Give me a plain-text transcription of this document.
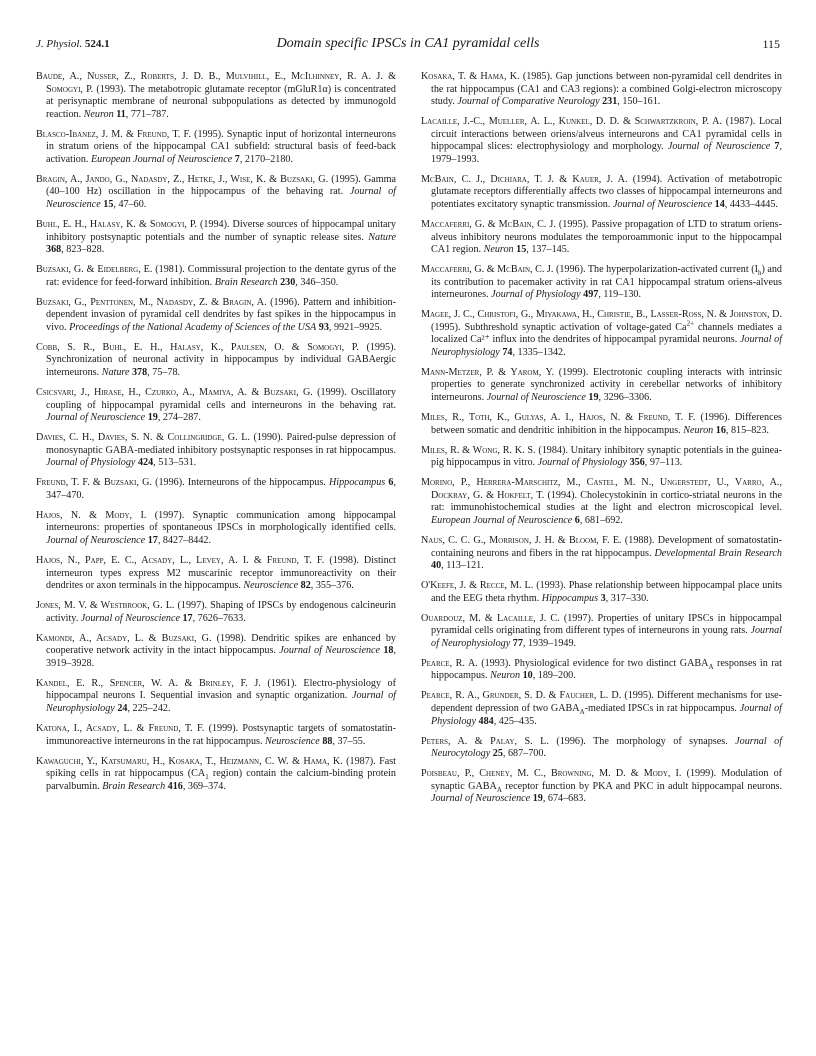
J. Physiol. 524.1	Domain specific IPSCs in CA1 pyramidal cells	115

Baude, A., Nusser, Z., Roberts, J. D. B., Mulvihill, E., McIlhinney, R. A. J. & Somogyi, P. (1993). The metabotropic glutamate receptor (mGluR1α) is concentrated at perisynaptic membrane of neuronal subpopulations as detected by immunogold reaction. Neuron 11, 771–787.

Blasco-Ibanez, J. M. & Freund, T. F. (1995). Synaptic input of horizontal interneurons in stratum oriens of the hippocampal CA1 subfield: structural basis of feed-back activation. European Journal of Neuroscience 7, 2170–2180.

Bragin, A., Jando, G., Nadasdy, Z., Hetke, J., Wise, K. & Buzsaki, G. (1995). Gamma (40–100 Hz) oscillation in the hippocampus of the behaving rat. Journal of Neuroscience 15, 47–60.

Buhl, E. H., Halasy, K. & Somogyi, P. (1994). Diverse sources of hippocampal unitary inhibitory postsynaptic potentials and the number of synaptic release sites. Nature 368, 823–828.

Buzsaki, G. & Eidelberg, E. (1981). Commissural projection to the dentate gyrus of the rat: evidence for feed-forward inhibition. Brain Research 230, 346–350.

Buzsaki, G., Penttonen, M., Nadasdy, Z. & Bragin, A. (1996). Pattern and inhibition-dependent invasion of pyramidal cell dendrites by fast spikes in the hippocampus in vivo. Proceedings of the National Academy of Sciences of the USA 93, 9921–9925.

Cobb, S. R., Buhl, E. H., Halasy, K., Paulsen, O. & Somogyi, P. (1995). Synchronization of neuronal activity in hippocampus by individual GABAergic interneurons. Nature 378, 75–78.

Csicsvari, J., Hirase, H., Czurko, A., Mamiya, A. & Buzsaki, G. (1999). Oscillatory coupling of hippocampal pyramidal cells and interneurons in the behaving rat. Journal of Neuroscience 19, 274–287.

Davies, C. H., Davies, S. N. & Collingridge, G. L. (1990). Paired-pulse depression of monosynaptic GABA-mediated inhibitory postsynaptic responses in rat hippocampus. Journal of Physiology 424, 513–531.

Freund, T. F. & Buzsaki, G. (1996). Interneurons of the hippocampus. Hippocampus 6, 347–470.

Hajos, N. & Mody, I. (1997). Synaptic communication among hippocampal interneurons: properties of spontaneous IPSCs in morphologically identified cells. Journal of Neuroscience 17, 8427–8442.

Hajos, N., Papp, E. C., Acsady, L., Levey, A. I. & Freund, T. F. (1998). Distinct interneuron types express M2 muscarinic receptor immunoreactivity on their dendrites or axon terminals in the hippocampus. Neuroscience 82, 355–376.

Jones, M. V. & Westbrook, G. L. (1997). Shaping of IPSCs by endogenous calcineurin activity. Journal of Neuroscience 17, 7626–7633.

Kamondi, A., Acsady, L. & Buzsaki, G. (1998). Dendritic spikes are enhanced by cooperative network activity in the intact hippocampus. Journal of Neuroscience 18, 3919–3928.

Kandel, E. R., Spencer, W. A. & Brinley, F. J. (1961). Electro-physiology of hippocampal neurons I. Sequential invasion and synaptic organization. Journal of Neurophysiology 24, 225–242.

Katona, I., Acsady, L. & Freund, T. F. (1999). Postsynaptic targets of somatostatin-immunoreactive interneurons in the rat hippocampus. Neuroscience 88, 37–55.

Kawaguchi, Y., Katsumaru, H., Kosaka, T., Heizmann, C. W. & Hama, K. (1987). Fast spiking cells in rat hippocampus ($CA_1$ region) contain the calcium-binding protein parvalbumin. Brain Research 416, 369–374.

Kosaka, T. & Hama, K. (1985). Gap junctions between non-pyramidal cell dendrites in the rat hippocampus (CA1 and CA3 regions): a combined Golgi-electron microscopy study. Journal of Comparative Neurology 231, 150–161.

Lacaille, J.-C., Mueller, A. L., Kunkel, D. D. & Schwartzkroin, P. A. (1987). Local circuit interactions between oriens/alveus interneurons and CA1 pyramidal cells in hippocampal slices: electrophysiology and morphology. Journal of Neuroscience 7, 1979–1993.

McBain, C. J., Dichiara, T. J. & Kauer, J. A. (1994). Activation of metabotropic glutamate receptors differentially affects two classes of hippocampal interneurons and potentiates excitatory synaptic transmission. Journal of Neuroscience 14, 4433–4445.

Maccaferri, G. & McBain, C. J. (1995). Passive propagation of LTD to stratum oriens-alveus inhibitory neurons modulates the temporoammonic input to the hippocampal CA1 region. Neuron 15, 137–145.

Maccaferri, G. & McBain, C. J. (1996). The hyperpolarization-activated current $(I_h)$ and its contribution to pacemaker activity in rat CA1 hippocampal stratum oriens-alveus interneurones. Journal of Physiology 497, 119–130.

Magee, J. C., Christofi, G., Miyakawa, H., Christie, B., Lasser-Ross, N. & Johnston, D. (1995). Subthreshold synaptic activation of voltage-gated $Ca^{2+}$ channels mediates a localized Ca²⁺ influx into the dendrites of hippocampal pyramidal neurons. Journal of Neurophysiology 74, 1335–1342.

Mann-Metzer, P. & Yarom, Y. (1999). Electrotonic coupling interacts with intrinsic properties to generate synchronized activity in cerebellar networks of inhibitory interneurons. Journal of Neuroscience 19, 3296–3306.

Miles, R., Toth, K., Gulyas, A. I., Hajos, N. & Freund, T. F. (1996). Differences between somatic and dendritic inhibition in the hippocampus. Neuron 16, 815–823.

Miles, R. & Wong, R. K. S. (1984). Unitary inhibitory synaptic potentials in the guinea-pig hippocampus in vitro. Journal of Physiology 356, 97–113.

Morino, P., Herrera-Marschitz, M., Castel, M. N., Ungerstedt, U., Varro, A., Dockray, G. & Hokfelt, T. (1994). Cholecystokinin in cortico-striatal neurons in the rat: immunohistochemical studies at the light and electron microscopical level. European Journal of Neuroscience 6, 681–692.

Naus, C. C. G., Morrison, J. H. & Bloom, F. E. (1988). Development of somatostatin-containing neurons and fibers in the rat hippocampus. Developmental Brain Research 40, 113–121.

O'Keefe, J. & Recce, M. L. (1993). Phase relationship between hippocampal place units and the EEG theta rhythm. Hippocampus 3, 317–330.

Ouardouz, M. & Lacaille, J. C. (1997). Properties of unitary IPSCs in hippocampal pyramidal cells originating from different types of interneurons in young rats. Journal of Neurophysiology 77, 1939–1949.

Pearce, R. A. (1993). Physiological evidence for two distinct $GABA_A$ responses in rat hippocampus. Neuron 10, 189–200.

Pearce, R. A., Grunder, S. D. & Faucher, L. D. (1995). Different mechanisms for use-dependent depression of two $GABA_A$-mediated IPSCs in rat hippocampus. Journal of Physiology 484, 425–435.

Peters, A. & Palay, S. L. (1996). The morphology of synapses. Journal of Neurocytology 25, 687–700.

Poisbeau, P., Cheney, M. C., Browning, M. D. & Mody, I. (1999). Modulation of synaptic $GABA_A$ receptor function by PKA and PKC in adult hippocampal neurons. Journal of Neuroscience 19, 674–683.
